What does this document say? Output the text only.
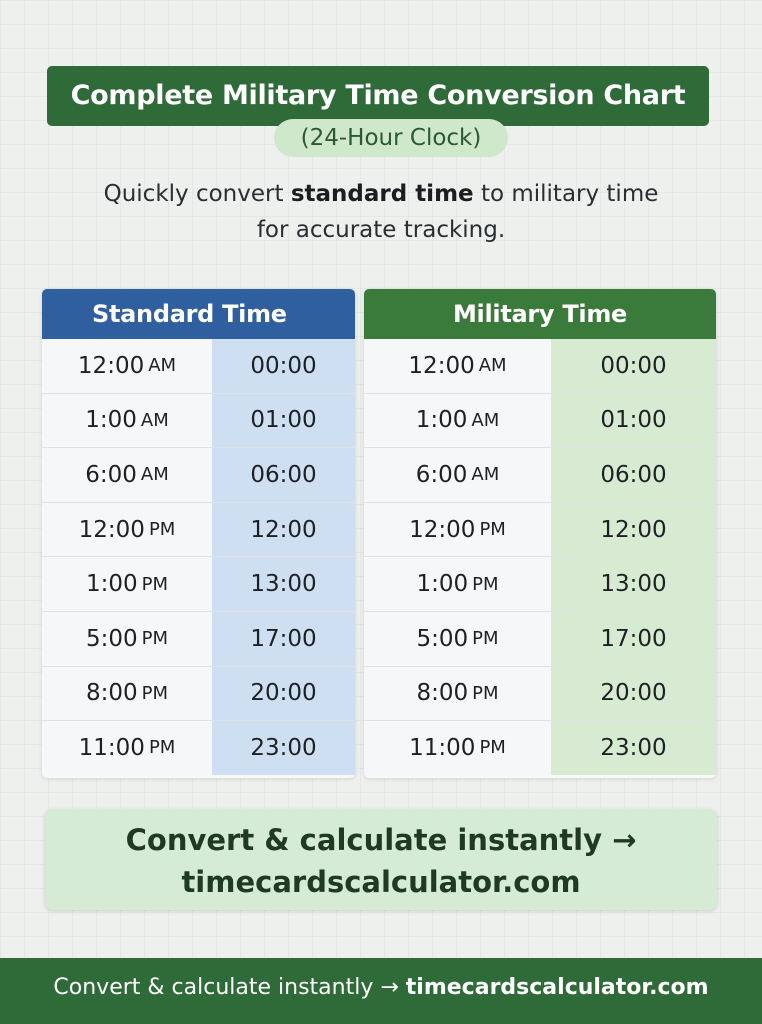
Complete Military Time Conversion Chart
(24-Hour Clock)
Quickly convert standard time to military time
for accurate tracking.
Standard Time
12:00 AM	00:00
1:00 AM	01:00
6:00 AM	06:00
12:00 PM	12:00
1:00 PM	13:00
5:00 PM	17:00
8:00 PM	20:00
11:00 PM	23:00
Military Time
12:00 AM	00:00
1:00 AM	01:00
6:00 AM	06:00
12:00 PM	12:00
1:00 PM	13:00
5:00 PM	17:00
8:00 PM	20:00
11:00 PM	23:00
Convert & calculate instantly →
timecardscalculator.com
Convert & calculate instantly → timecardscalculator.com
